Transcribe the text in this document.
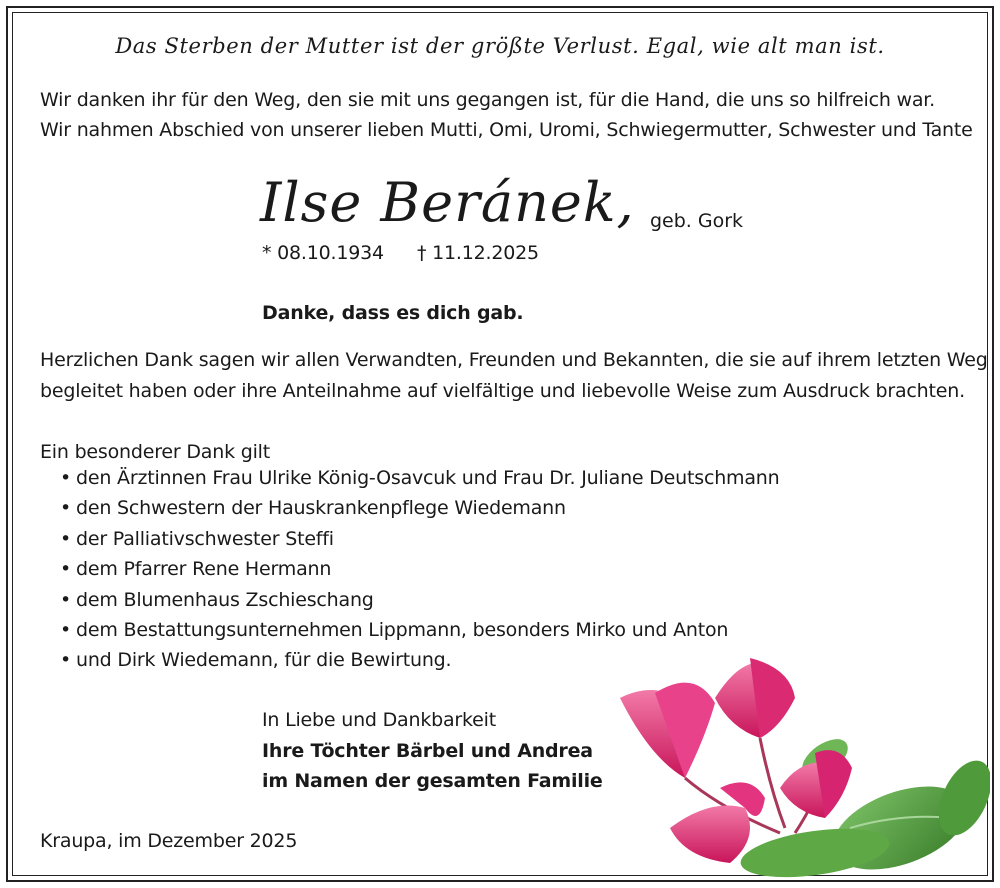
Das Sterben der Mutter ist der größte Verlust. Egal, wie alt man ist.
Wir danken ihr für den Weg, den sie mit uns gegangen ist, für die Hand, die uns so hilfreich war.
Wir nahmen Abschied von unserer lieben Mutti, Omi, Uromi, Schwiegermutter, Schwester und Tante
Ilse Beránek, geb. Gork
* 08.10.1934 † 11.12.2025
Danke, dass es dich gab.
Herzlichen Dank sagen wir allen Verwandten, Freunden und Bekannten, die sie auf ihrem letzten Weg
begleitet haben oder ihre Anteilnahme auf vielfältige und liebevolle Weise zum Ausdruck brachten.
Ein besonderer Dank gilt
• den Ärztinnen Frau Ulrike König-Osavcuk und Frau Dr. Juliane Deutschmann
• den Schwestern der Hauskrankenpflege Wiedemann
• der Palliativschwester Steffi
• dem Pfarrer Rene Hermann
• dem Blumenhaus Zschieschang
• dem Bestattungsunternehmen Lippmann, besonders Mirko und Anton
• und Dirk Wiedemann, für die Bewirtung.
In Liebe und Dankbarkeit
Ihre Töchter Bärbel und Andrea
im Namen der gesamten Familie
Kraupa, im Dezember 2025
